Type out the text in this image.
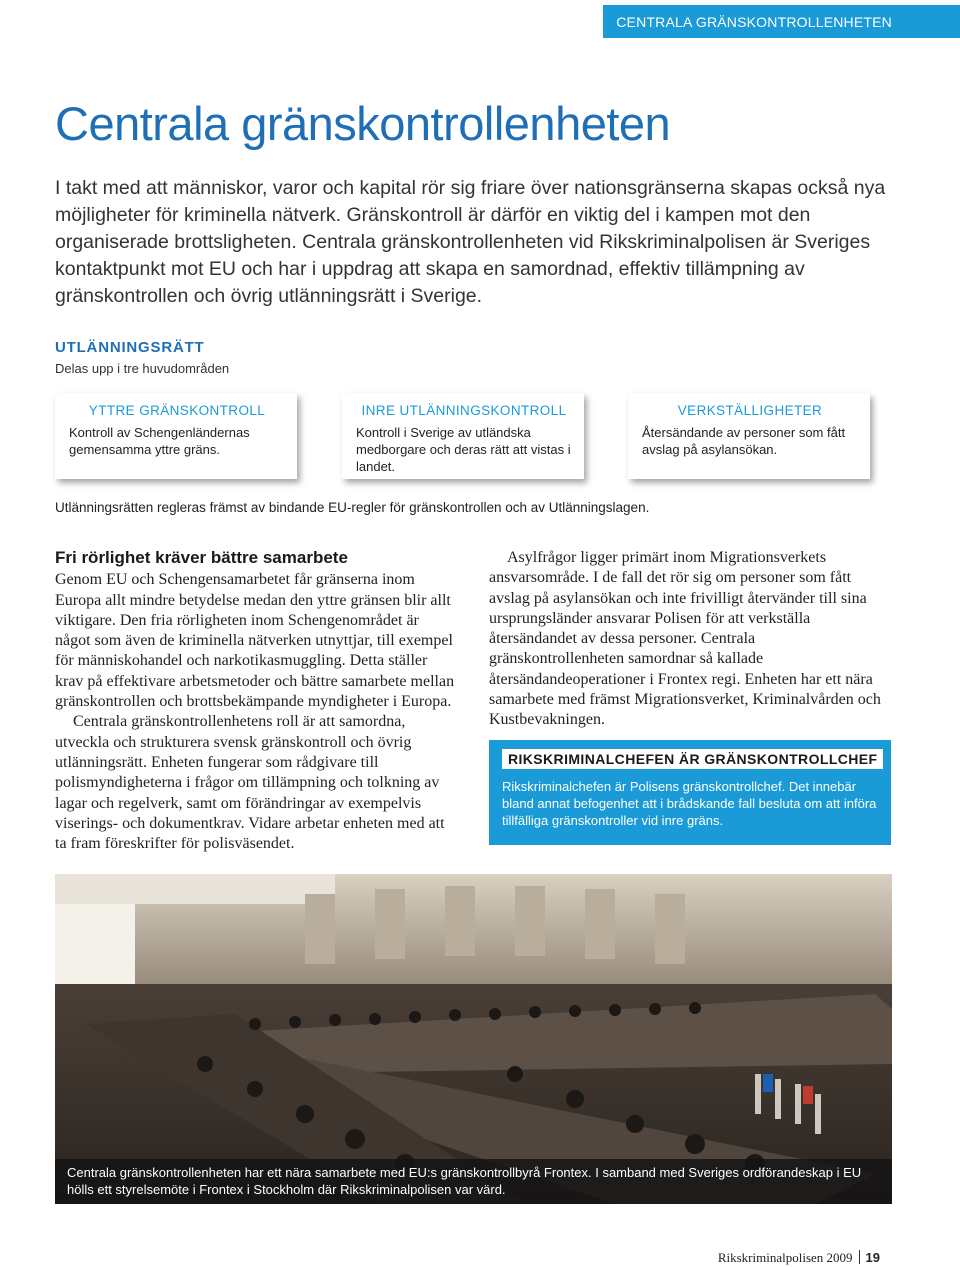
CENTRALA GRÄNSKONTROLLENHETEN
Centrala gränskontrollenheten

I takt med att människor, varor och kapital rör sig friare över nationsgränserna skapas också nya möjligheter för kriminella nätverk. Gränskontroll är därför en viktig del i kampen mot den organiserade brottsligheten. Centrala gränskontrollenheten vid Rikskriminalpolisen är Sveriges kontaktpunkt mot EU och har i uppdrag att skapa en samordnad, effektiv tillämpning av gränskontrollen och övrig utlänningsrätt i Sverige.

UTLÄNNINGSRÄTT
Delas upp i tre huvudområden
YTTRE GRÄNSKONTROLL
Kontroll av Schengenländernas gemensamma yttre gräns.
INRE UTLÄNNINGSKONTROLL
Kontroll i Sverige av utländska medborgare och deras rätt att vistas i landet.
VERKSTÄLLIGHETER
Återsändande av personer som fått avslag på asylansökan.
Utlänningsrätten regleras främst av bindande EU-regler för gränskontrollen och av Utlänningslagen.
Fri rörlighet kräver bättre samarbete

Genom EU och Schengensamarbetet får gränserna inom Europa allt mindre betydelse medan den yttre gränsen blir allt viktigare. Den fria rörligheten inom Schengenområdet är något som även de kriminella nätverken utnyttjar, till exempel för människohandel och narkotikasmuggling. Detta ställer krav på effektivare arbetsmetoder och bättre samarbete mellan gränskontrollen och brottsbekämpande myndigheter i Europa.

Centrala gränskontrollenhetens roll är att samordna, utveckla och strukturera svensk gränskontroll och övrig utlänningsrätt. Enheten fungerar som rådgivare till polismyndigheterna i frågor om tillämpning och tolkning av lagar och regelverk, samt om förändringar av exempelvis viserings- och dokumentkrav. Vidare arbetar enheten med att ta fram föreskrifter för polisväsendet.

Asylfrågor ligger primärt inom Migrationsverkets ansvarsområde. I de fall det rör sig om personer som fått avslag på asylansökan och inte frivilligt återvänder till sina ursprungsländer ansvarar Polisen för att verkställa återsändandet av dessa personer. Centrala gränskontrollenheten samordnar så kallade återsändandeoperationer i Frontex regi. Enheten har ett nära samarbete med främst Migrationsverket, Kriminalvården och Kustbevakningen.

RIKSKRIMINALCHEFEN ÄR GRÄNSKONTROLLCHEF
Rikskriminalchefen är Polisens gränskontrollchef. Det innebär bland annat befogenhet att i brådskande fall besluta om att införa tillfälliga gränskontroller vid inre gräns.
Centrala gränskontrollenheten har ett nära samarbete med EU:s gränskontrollbyrå Frontex. I samband med Sveriges ordförandeskap i EU hölls ett styrelsemöte i Frontex i Stockholm där Rikskriminalpolisen var värd.
Rikskriminalpolisen 2009 19
